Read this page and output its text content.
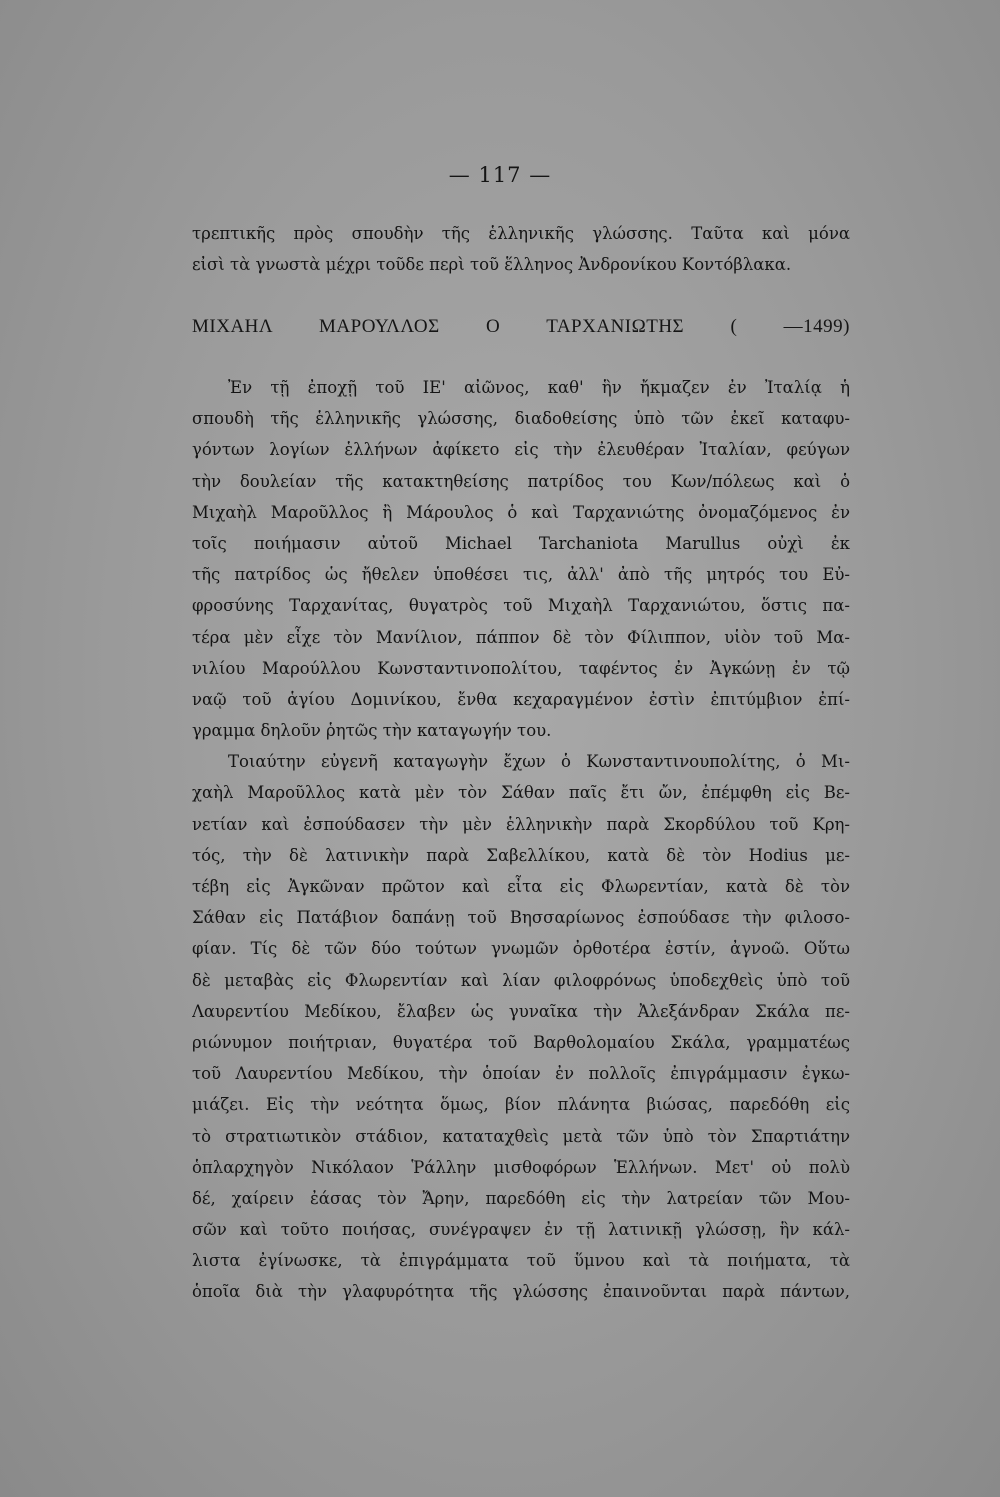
— 117 —
τρεπτικῆς πρὸς σπουδὴν τῆς ἑλληνικῆς γλώσσης. Ταῦτα καὶ μόνα
εἰσὶ τὰ γνωστὰ μέχρι τοῦδε περὶ τοῦ ἕλληνος Ἀνδρονίκου Κοντόβλακα.
ΜΙΧΑΗΛ ΜΑΡΟΥΛΛΟΣ Ο ΤΑΡΧΑΝΙΩΤΗΣ ( —1499)
Ἐν τῇ ἐποχῇ τοῦ ΙΕ' αἰῶνος, καθ' ἣν ἤκμαζεν ἐν Ἰταλίᾳ ἡ
σπουδὴ τῆς ἑλληνικῆς γλώσσης, διαδοθείσης ὑπὸ τῶν ἐκεῖ καταφυ-
γόντων λογίων ἑλλήνων ἀφίκετο εἰς τὴν ἐλευθέραν Ἰταλίαν, φεύγων
τὴν δουλείαν τῆς κατακτηθείσης πατρίδος του Κων/πόλεως καὶ ὁ
Μιχαὴλ Μαροῦλλος ἢ Μάρουλος ὁ καὶ Ταρχανιώτης ὀνομαζόμενος ἐν
τοῖς ποιήμασιν αὐτοῦ Michael Tarchaniota Marullus οὐχὶ ἐκ
τῆς πατρίδος ὡς ἤθελεν ὑποθέσει τις, ἀλλ' ἀπὸ τῆς μητρός του Εὐ-
φροσύνης Ταρχανίτας, θυγατρὸς τοῦ Μιχαὴλ Ταρχανιώτου, ὅστις πα-
τέρα μὲν εἶχε τὸν Μανίλιον, πάππον δὲ τὸν Φίλιππον, υἱὸν τοῦ Μα-
νιλίου Μαρούλλου Κωνσταντινοπολίτου, ταφέντος ἐν Ἀγκώνῃ ἐν τῷ
ναῷ τοῦ ἁγίου Δομινίκου, ἔνθα κεχαραγμένον ἐστὶν ἐπιτύμβιον ἐπί-
γραμμα δηλοῦν ῥητῶς τὴν καταγωγήν του.
Τοιαύτην εὐγενῆ καταγωγὴν ἔχων ὁ Κωνσταντινουπολίτης, ὁ Μι-
χαὴλ Μαροῦλλος κατὰ μὲν τὸν Σάθαν παῖς ἔτι ὤν, ἐπέμφθη εἰς Βε-
νετίαν καὶ ἐσπούδασεν τὴν μὲν ἑλληνικὴν παρὰ Σκορδύλου τοῦ Κρη-
τός, τὴν δὲ λατινικὴν παρὰ Σαβελλίκου, κατὰ δὲ τὸν Hodius με-
τέβη εἰς Ἀγκῶναν πρῶτον καὶ εἶτα εἰς Φλωρεντίαν, κατὰ δὲ τὸν
Σάθαν εἰς Πατάβιον δαπάνῃ τοῦ Βησσαρίωνος ἐσπούδασε τὴν φιλοσο-
φίαν. Τίς δὲ τῶν δύο τούτων γνωμῶν ὀρθοτέρα ἐστίν, ἀγνοῶ. Οὕτω
δὲ μεταβὰς εἰς Φλωρεντίαν καὶ λίαν φιλοφρόνως ὑποδεχθεὶς ὑπὸ τοῦ
Λαυρεντίου Μεδίκου, ἔλαβεν ὡς γυναῖκα τὴν Ἀλεξάνδραν Σκάλα πε-
ριώνυμον ποιήτριαν, θυγατέρα τοῦ Βαρθολομαίου Σκάλα, γραμματέως
τοῦ Λαυρεντίου Μεδίκου, τὴν ὁποίαν ἐν πολλοῖς ἐπιγράμμασιν ἐγκω-
μιάζει. Εἰς τὴν νεότητα ὅμως, βίον πλάνητα βιώσας, παρεδόθη εἰς
τὸ στρατιωτικὸν στάδιον, καταταχθεὶς μετὰ τῶν ὑπὸ τὸν Σπαρτιάτην
ὁπλαρχηγὸν Νικόλαον Ῥάλλην μισθοφόρων Ἑλλήνων. Μετ' οὐ πολὺ
δέ, χαίρειν ἐάσας τὸν Ἄρην, παρεδόθη εἰς τὴν λατρείαν τῶν Μου-
σῶν καὶ τοῦτο ποιήσας, συνέγραψεν ἐν τῇ λατινικῇ γλώσσῃ, ἣν κάλ-
λιστα ἐγίνωσκε, τὰ ἐπιγράμματα τοῦ ὕμνου καὶ τὰ ποιήματα, τὰ
ὁποῖα διὰ τὴν γλαφυρότητα τῆς γλώσσης ἐπαινοῦνται παρὰ πάντων,
